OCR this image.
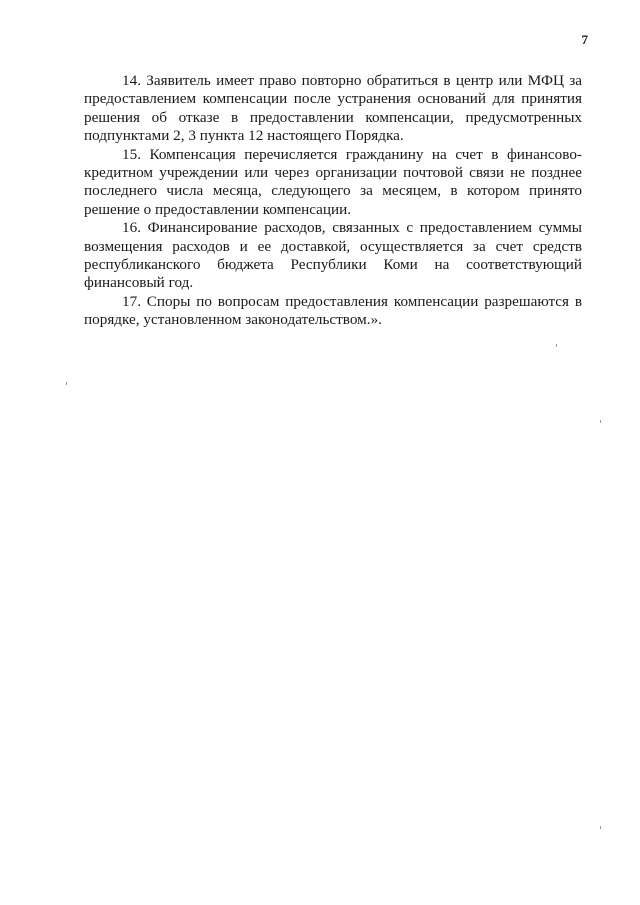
7

14. Заявитель имеет право повторно обратиться в центр или МФЦ за предоставлением компенсации после устранения оснований для принятия решения об отказе в предоставлении компенсации, предусмотренных подпунктами 2, 3 пункта 12 настоящего Порядка.

15. Компенсация перечисляется гражданину на счет в финансово-кредитном учреждении или через организации почтовой связи не позднее последнего числа месяца, следующего за месяцем, в котором принято решение о предоставлении компенсации.

16. Финансирование расходов, связанных с предоставлением суммы возмещения расходов и ее доставкой, осуществляется за счет средств республиканского бюджета Республики Коми на соответствующий финансовый год.

17. Споры по вопросам предоставления компенсации разрешаются в порядке, установленном законодательством.».
